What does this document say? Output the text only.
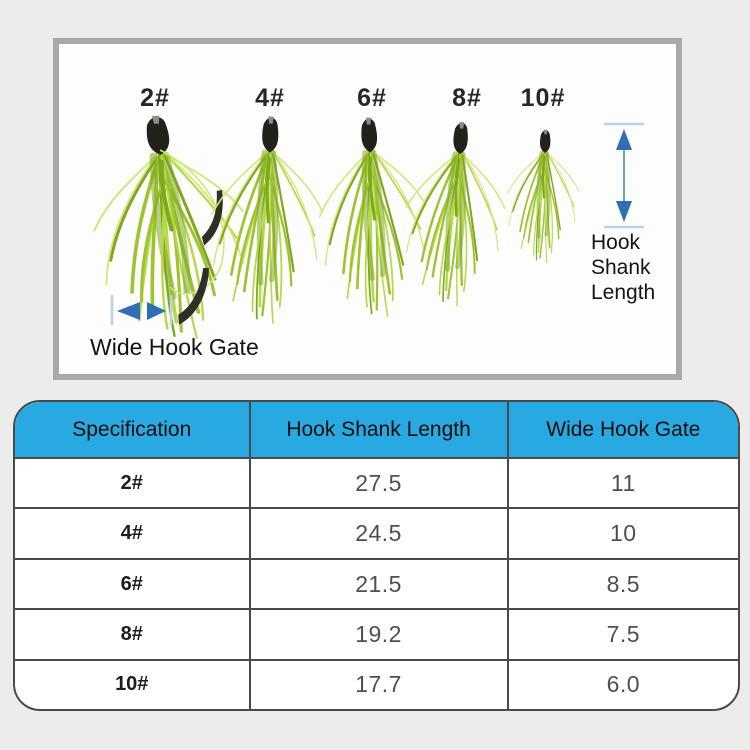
2#	4#	6#	8# 10#
Hook
Shank
Length
Wide Hook Gate
Specification	Hook Shank Length	Wide Hook Gate
2#	27.5	11
4#	24.5	10
6#	21.5	8.5
8#	19.2	7.5
10#	17.7	6.0
